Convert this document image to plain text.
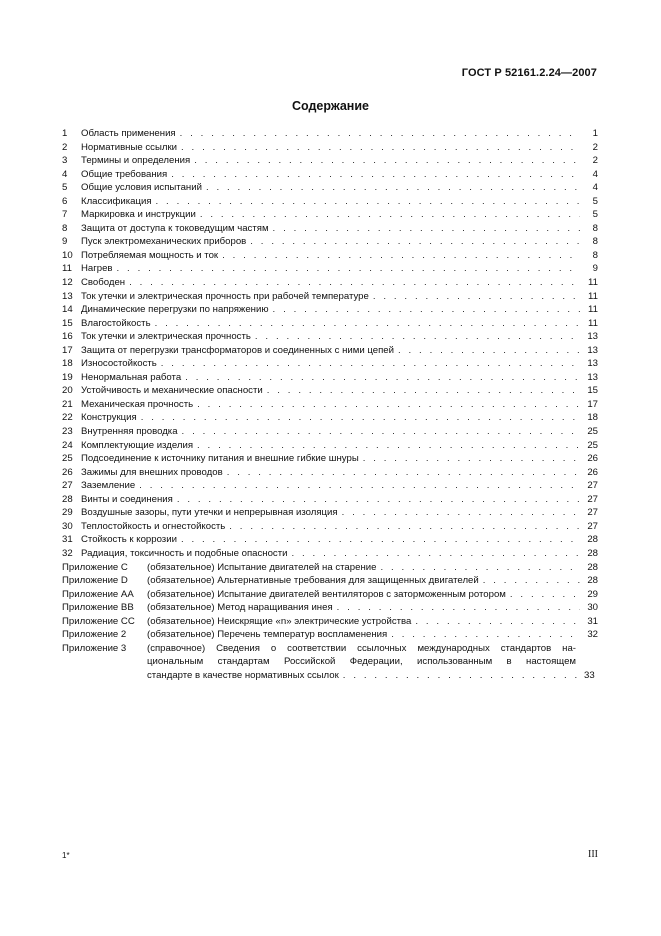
ГОСТ Р 52161.2.24—2007
Содержание
1 Область применения . . .	1
2 Нормативные ссылки . . .	2
3 Термины и определения . . .	2
4 Общие требования . . .	4
5 Общие условия испытаний . . .	4
6 Классификация . . .	5
7 Маркировка и инструкции . . .	5
8 Защита от доступа к токоведущим частям . . .	8
9 Пуск электромеханических приборов . . .	8
10 Потребляемая мощность и ток . . .	8
11 Нагрев . . .	9
12 Свободен . . .	11
13 Ток утечки и электрическая прочность при рабочей температуре . . .	11
14 Динамические перегрузки по напряжению . . .	11
15 Влагостойкость . . .	11
16 Ток утечки и электрическая прочность . . .	13
17 Защита от перегрузки трансформаторов и соединенных с ними цепей . . .	13
18 Износостойкость . . .	13
19 Ненормальная работа . . .	13
20 Устойчивость и механические опасности . . .	15
21 Механическая прочность . . .	17
22 Конструкция . . .	18
23 Внутренняя проводка . . .	25
24 Комплектующие изделия . . .	25
25 Подсоединение к источнику питания и внешние гибкие шнуры . . .	26
26 Зажимы для внешних проводов . . .	26
27 Заземление . . .	27
28 Винты и соединения . . .	27
29 Воздушные зазоры, пути утечки и непрерывная изоляция . . .	27
30 Теплостойкость и огнестойкость . . .	27
31 Стойкость к коррозии . . .	28
32 Радиация, токсичность и подобные опасности . . .	28
Приложение C (обязательное) Испытание двигателей на старение . . .	28
Приложение D (обязательное) Альтернативные требования для защищенных двигателей . . .	28
Приложение АА (обязательное) Испытание двигателей вентиляторов с заторможенным ротором . . .	29
Приложение ВВ (обязательное) Метод наращивания инея . . .	30
Приложение СС (обязательное) Неискрящие «n» электрические устройства . . .	31
Приложение 2 (обязательное) Перечень температур воспламенения . . .	32
Приложение 3 (справочное) Сведения о соответствии ссылочных международных стандартов на-
циональным стандартам Российской Федерации, использованным в настоящем
стандарте в качестве нормативных ссылок . . .	33
1*	III
